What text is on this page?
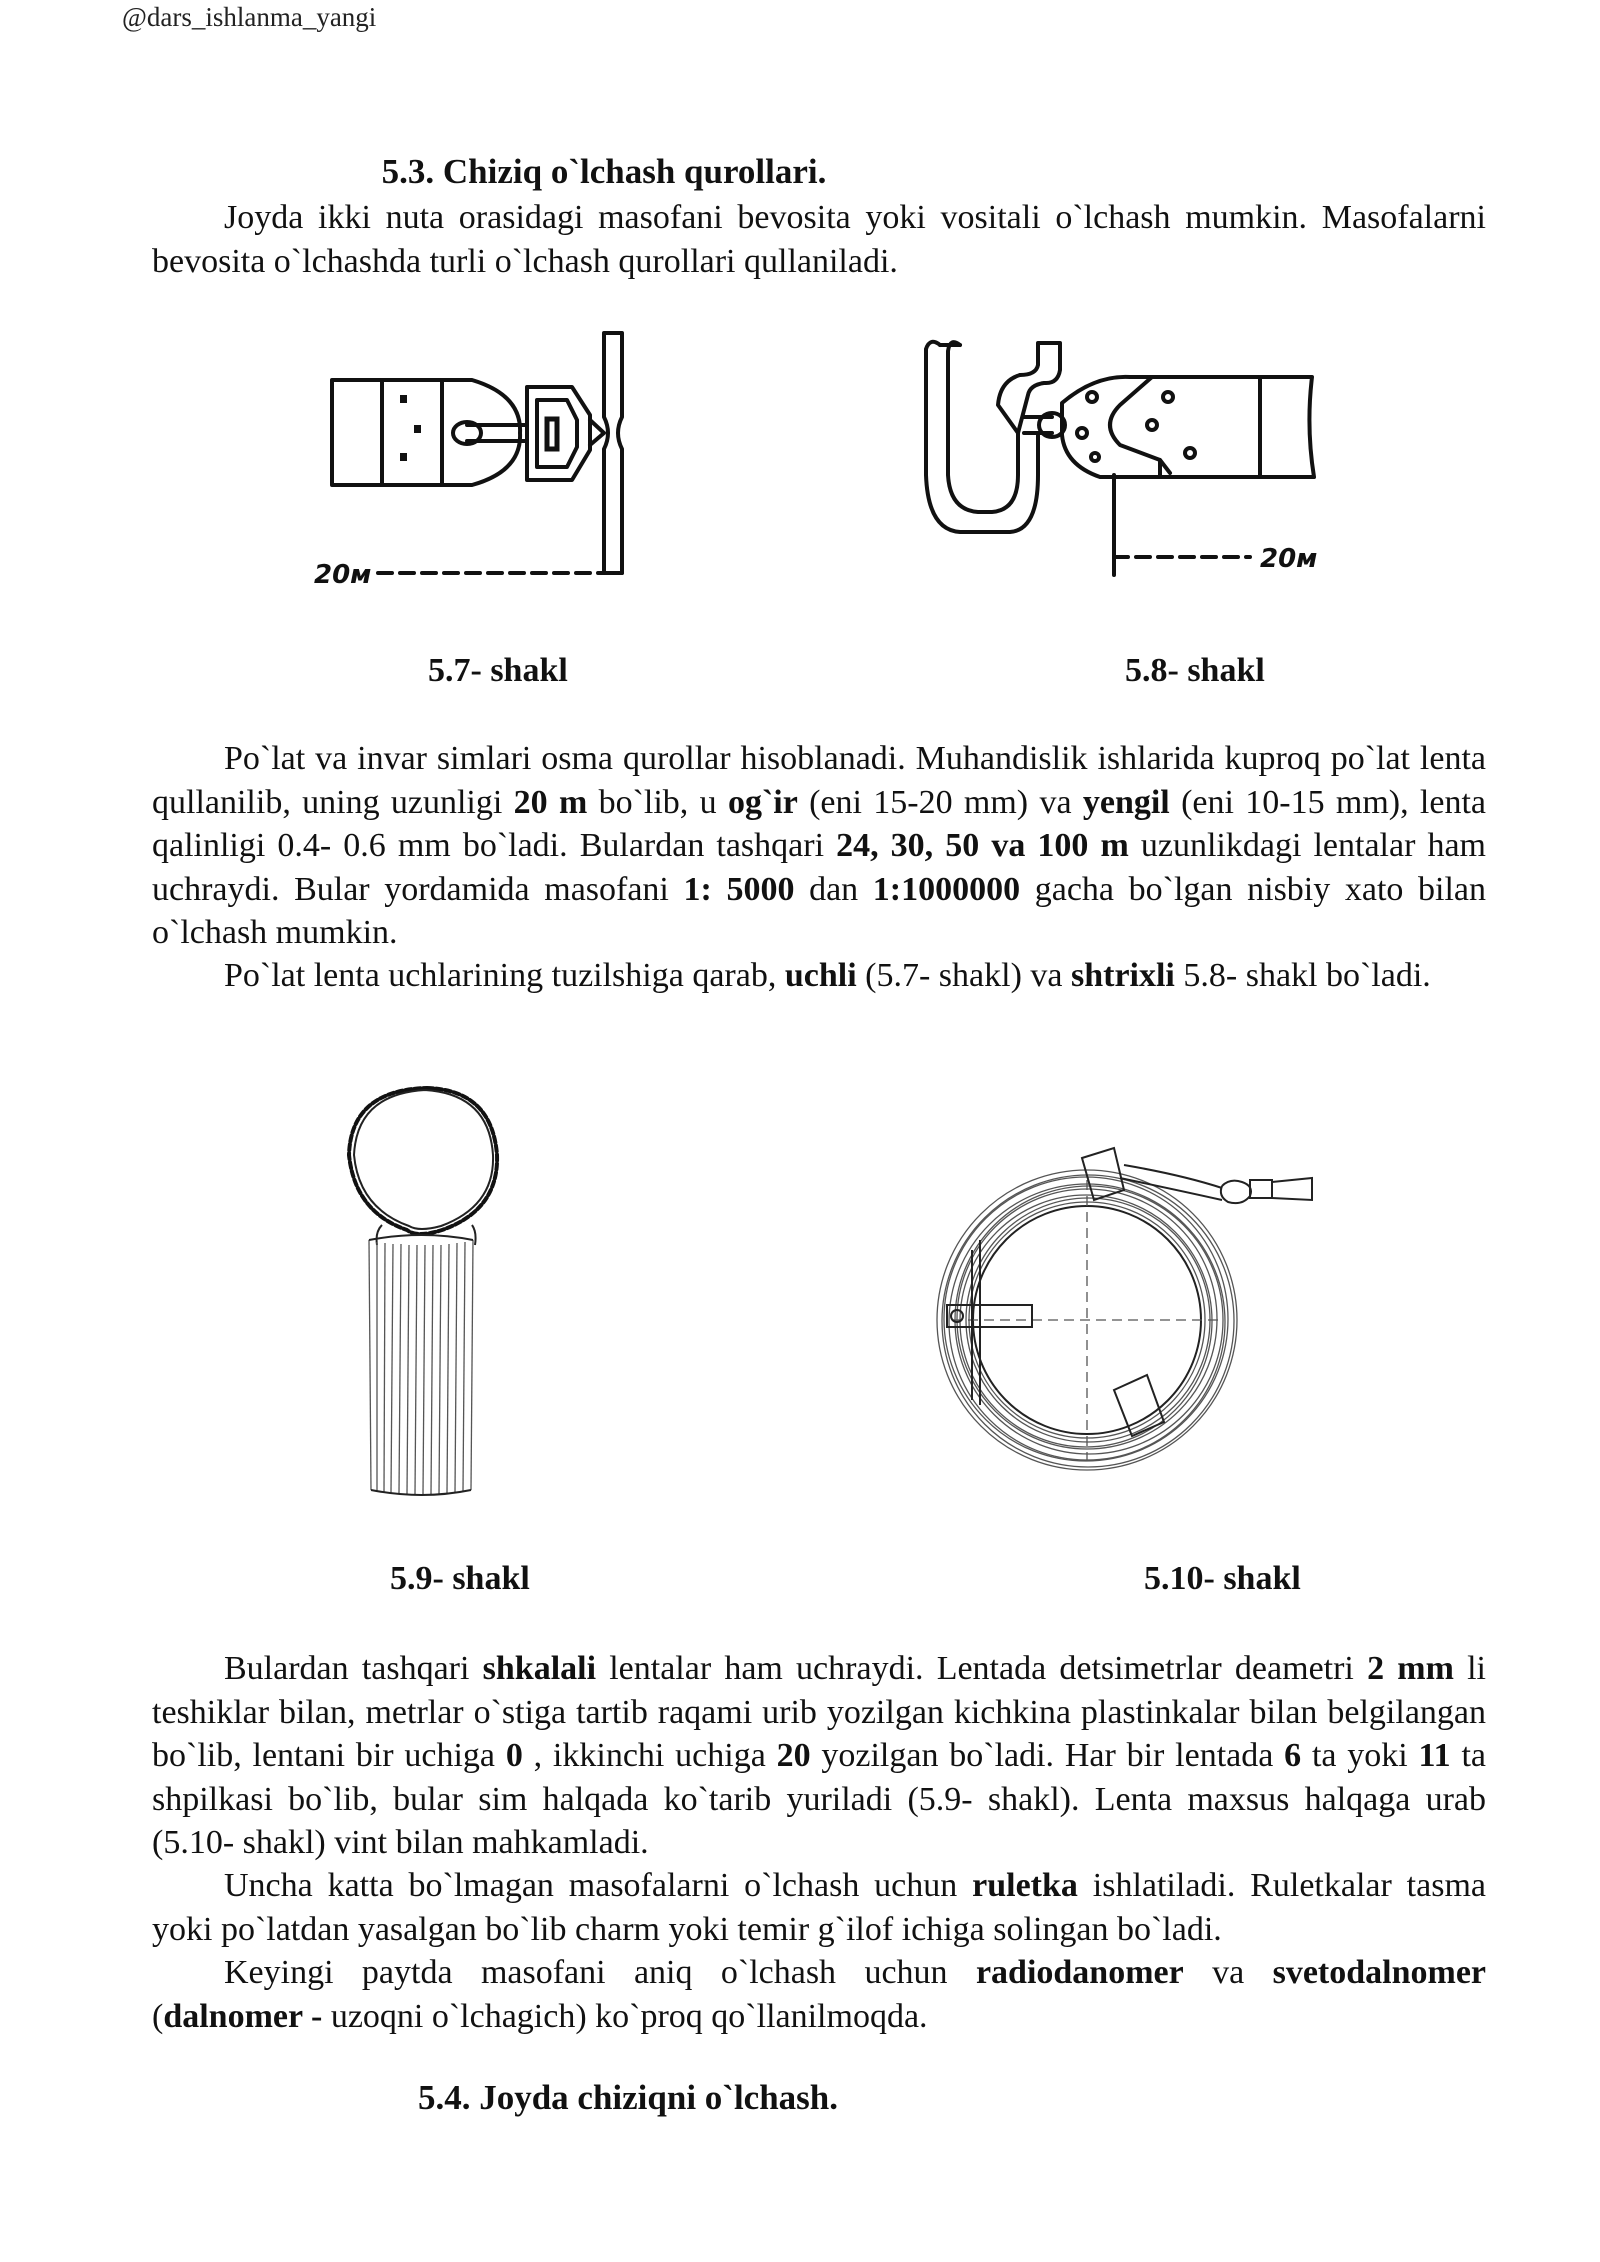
@dars_ishlanma_yangi
5.3. Chiziq o`lchash qurollari.
Joyda ikki nuta orasidagi masofani bevosita yoki vositali o`lchash mumkin. Masofalarni bevosita o`lchashda turli o`lchash qurollari qullaniladi.
20м
20м
5.7- shakl	5.8- shakl
Po`lat va invar simlari osma qurollar hisoblanadi. Muhandislik ishlarida kuproq po`lat lenta qullanilib, uning uzunligi 20 m bo`lib, u og`ir (eni 15-20 mm) va yengil (eni 10-15 mm), lenta qalinligi 0.4- 0.6 mm bo`ladi. Bulardan tashqari 24, 30, 50 va 100 m uzunlikdagi lentalar ham uchraydi. Bular yordamida masofani 1: 5000 dan 1:1000000 gacha bo`lgan nisbiy xato bilan o`lchash mumkin.
Po`lat lenta uchlarining tuzilshiga qarab, uchli (5.7- shakl) va shtrixli 5.8- shakl bo`ladi.
5.9- shakl	5.10- shakl
Bulardan tashqari shkalali lentalar ham uchraydi. Lentada detsimetrlar deametri 2 mm li teshiklar bilan, metrlar o`stiga tartib raqami urib yozilgan kichkina plastinkalar bilan belgilangan bo`lib, lentani bir uchiga 0 , ikkinchi uchiga 20 yozilgan bo`ladi. Har bir lentada 6 ta yoki 11 ta shpilkasi bo`lib, bular sim halqada ko`tarib yuriladi (5.9- shakl). Lenta maxsus halqaga urab (5.10- shakl) vint bilan mahkamladi.
Uncha katta bo`lmagan masofalarni o`lchash uchun ruletka ishlatiladi. Ruletkalar tasma yoki po`latdan yasalgan bo`lib charm yoki temir g`ilof ichiga solingan bo`ladi.
Keyingi paytda masofani aniq o`lchash uchun radiodanomer va svetodalnomer (dalnomer - uzoqni o`lchagich) ko`proq qo`llanilmoqda.
5.4. Joyda chiziqni o`lchash.
